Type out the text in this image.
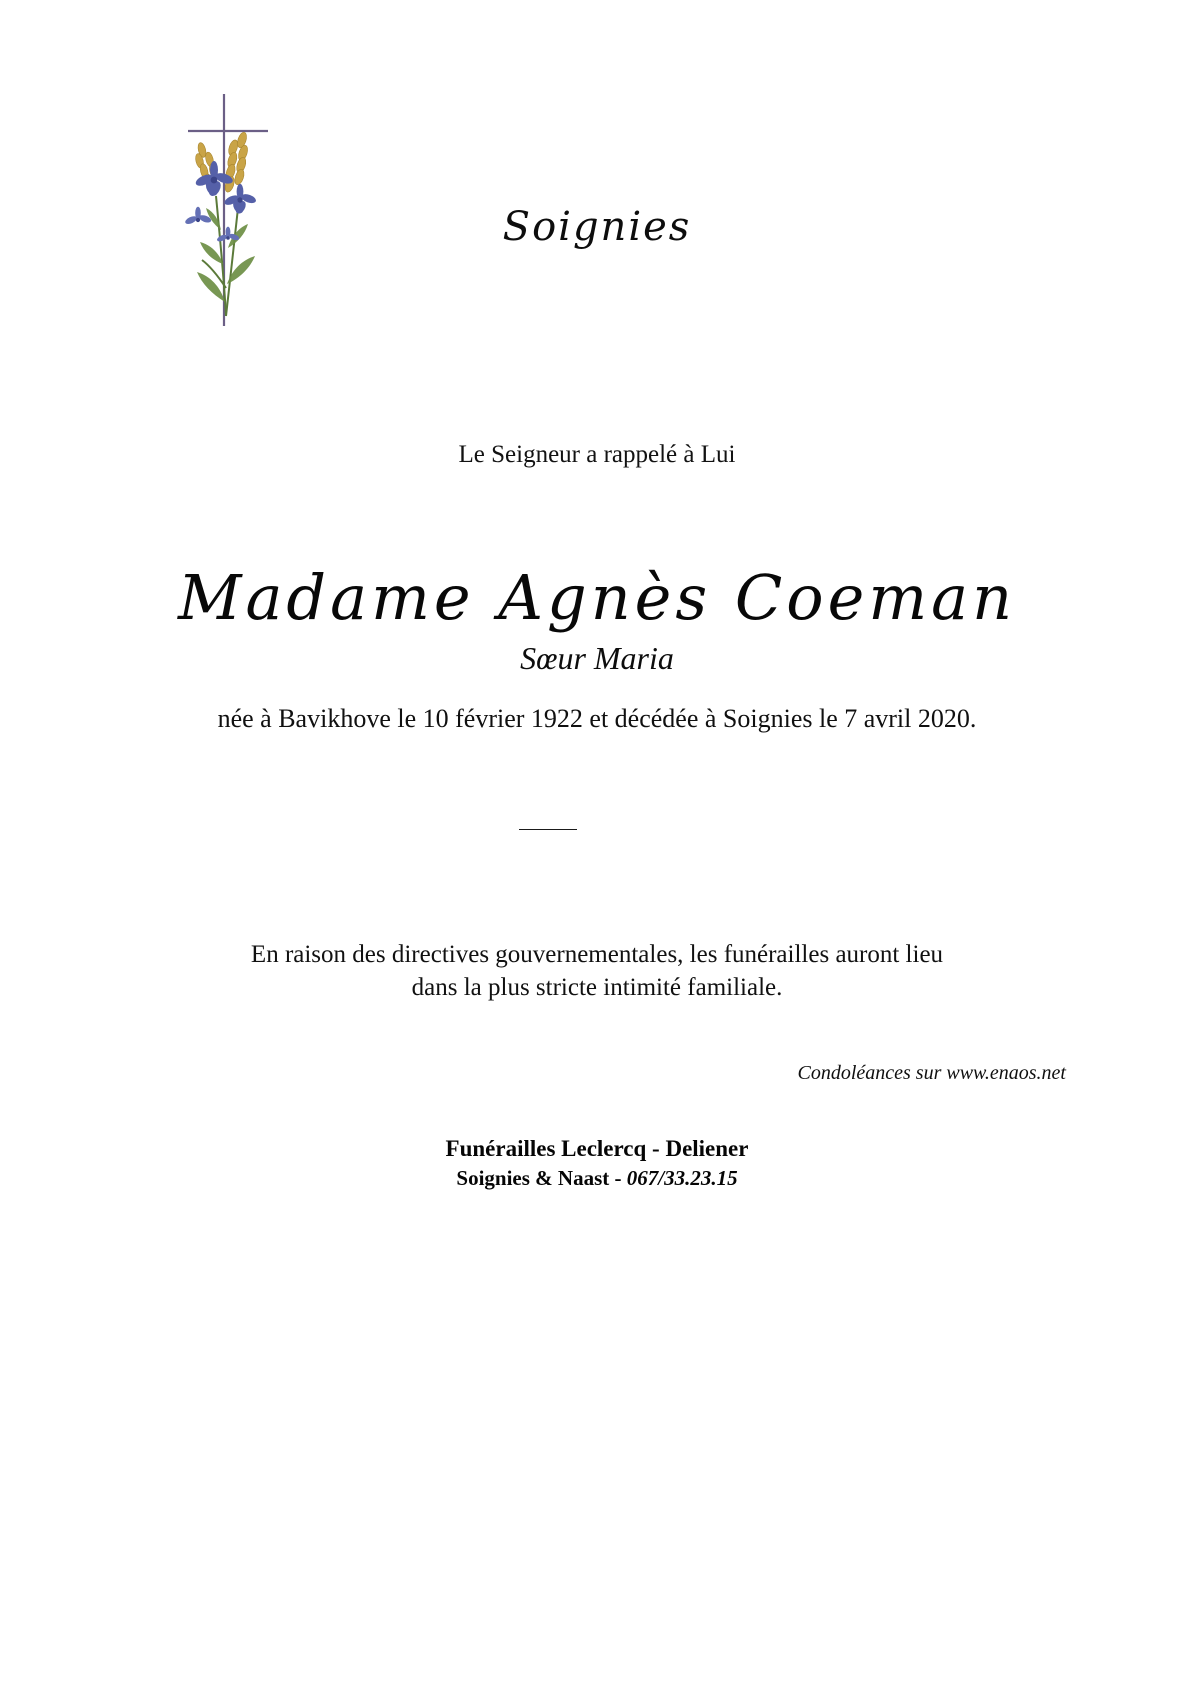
Soignies
Le Seigneur a rappelé à Lui
Madame Agnès Coeman
Sœur Maria
née à Bavikhove le 10 février 1922 et décédée à Soignies le 7 avril 2020.
En raison des directives gouvernementales, les funérailles auront lieu
dans la plus stricte intimité familiale.
Condoléances sur www.enaos.net
Funérailles Leclercq - Deliener
Soignies & Naast - 067/33.23.15
